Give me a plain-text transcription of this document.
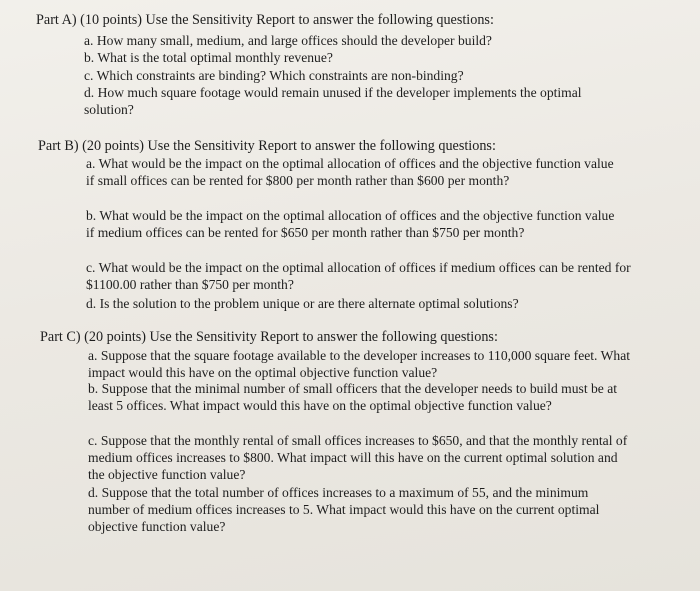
Part A) (10 points) Use the Sensitivity Report to answer the following questions:
a. How many small, medium, and large offices should the developer build?
b. What is the total optimal monthly revenue?
c. Which constraints are binding? Which constraints are non-binding?
d. How much square footage would remain unused if the developer implements the optimal solution?
Part B) (20 points) Use the Sensitivity Report to answer the following questions:
a. What would be the impact on the optimal allocation of offices and the objective function value if small offices can be rented for $800 per month rather than $600 per month?
b. What would be the impact on the optimal allocation of offices and the objective function value if medium offices can be rented for $650 per month rather than $750 per month?
c. What would be the impact on the optimal allocation of offices if medium offices can be rented for $1100.00 rather than $750 per month?
d. Is the solution to the problem unique or are there alternate optimal solutions?
Part C) (20 points) Use the Sensitivity Report to answer the following questions:
a. Suppose that the square footage available to the developer increases to 110,000 square feet. What impact would this have on the optimal objective function value?
b. Suppose that the minimal number of small officers that the developer needs to build must be at least 5 offices. What impact would this have on the optimal objective function value?
c. Suppose that the monthly rental of small offices increases to $650, and that the monthly rental of medium offices increases to $800. What impact will this have on the current optimal solution and the objective function value?
d. Suppose that the total number of offices increases to a maximum of 55, and the minimum number of medium offices increases to 5. What impact would this have on the current optimal objective function value?
